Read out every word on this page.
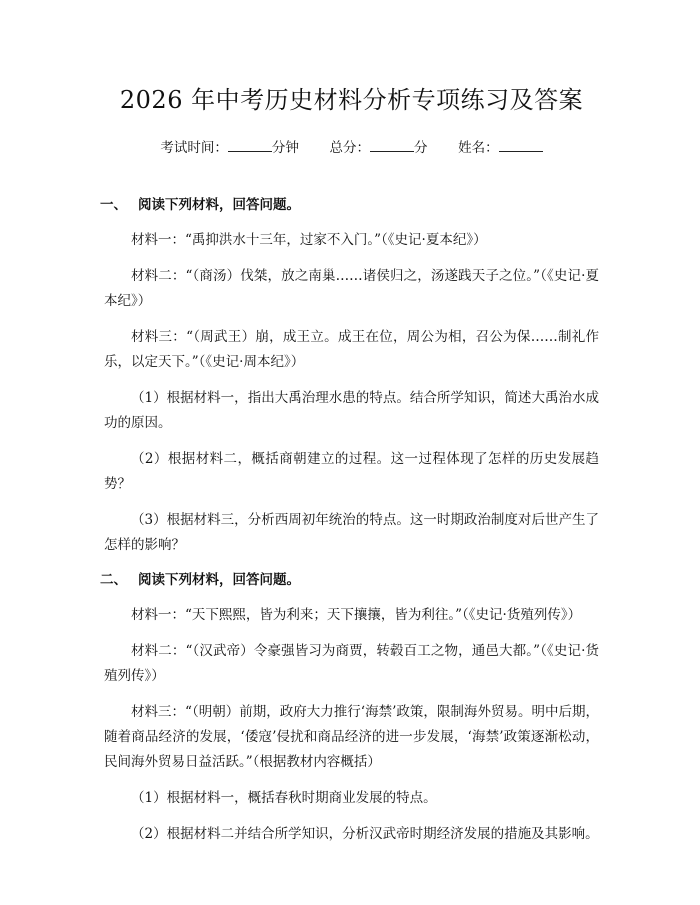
2026 年中考历史材料分析专项练习及答案
考试时间：	分钟 总分：	分 姓名：
一、 阅读下列材料，回答问题。

材料一：“禹抑洪水十三年，过家不入门。”（《史记·夏本纪》）

材料二：“（商汤）伐桀，放之南巢……诸侯归之，汤遂践天子之位。”（《史记·夏本纪》）

材料三：“（周武王）崩，成王立。成王在位，周公为相，召公为保……制礼作乐，以定天下。”（《史记·周本纪》）

（1）根据材料一，指出大禹治理水患的特点。结合所学知识，简述大禹治水成功的原因。

（2）根据材料二，概括商朝建立的过程。这一过程体现了怎样的历史发展趋势？

（3）根据材料三，分析西周初年统治的特点。这一时期政治制度对后世产生了怎样的影响？

二、 阅读下列材料，回答问题。

材料一：“天下熙熙，皆为利来；天下攘攘，皆为利往。”（《史记·货殖列传》）

材料二：“（汉武帝）令豪强皆习为商贾，转毂百工之物，通邑大都。”（《史记·货殖列传》）

材料三：“（明朝）前期，政府大力推行‘海禁’政策，限制海外贸易。明中后期，随着商品经济的发展，‘倭寇’侵扰和商品经济的进一步发展，‘海禁’政策逐渐松动，民间海外贸易日益活跃。”（根据教材内容概括）

（1）根据材料一，概括春秋时期商业发展的特点。

（2）根据材料二并结合所学知识，分析汉武帝时期经济发展的措施及其影响。
